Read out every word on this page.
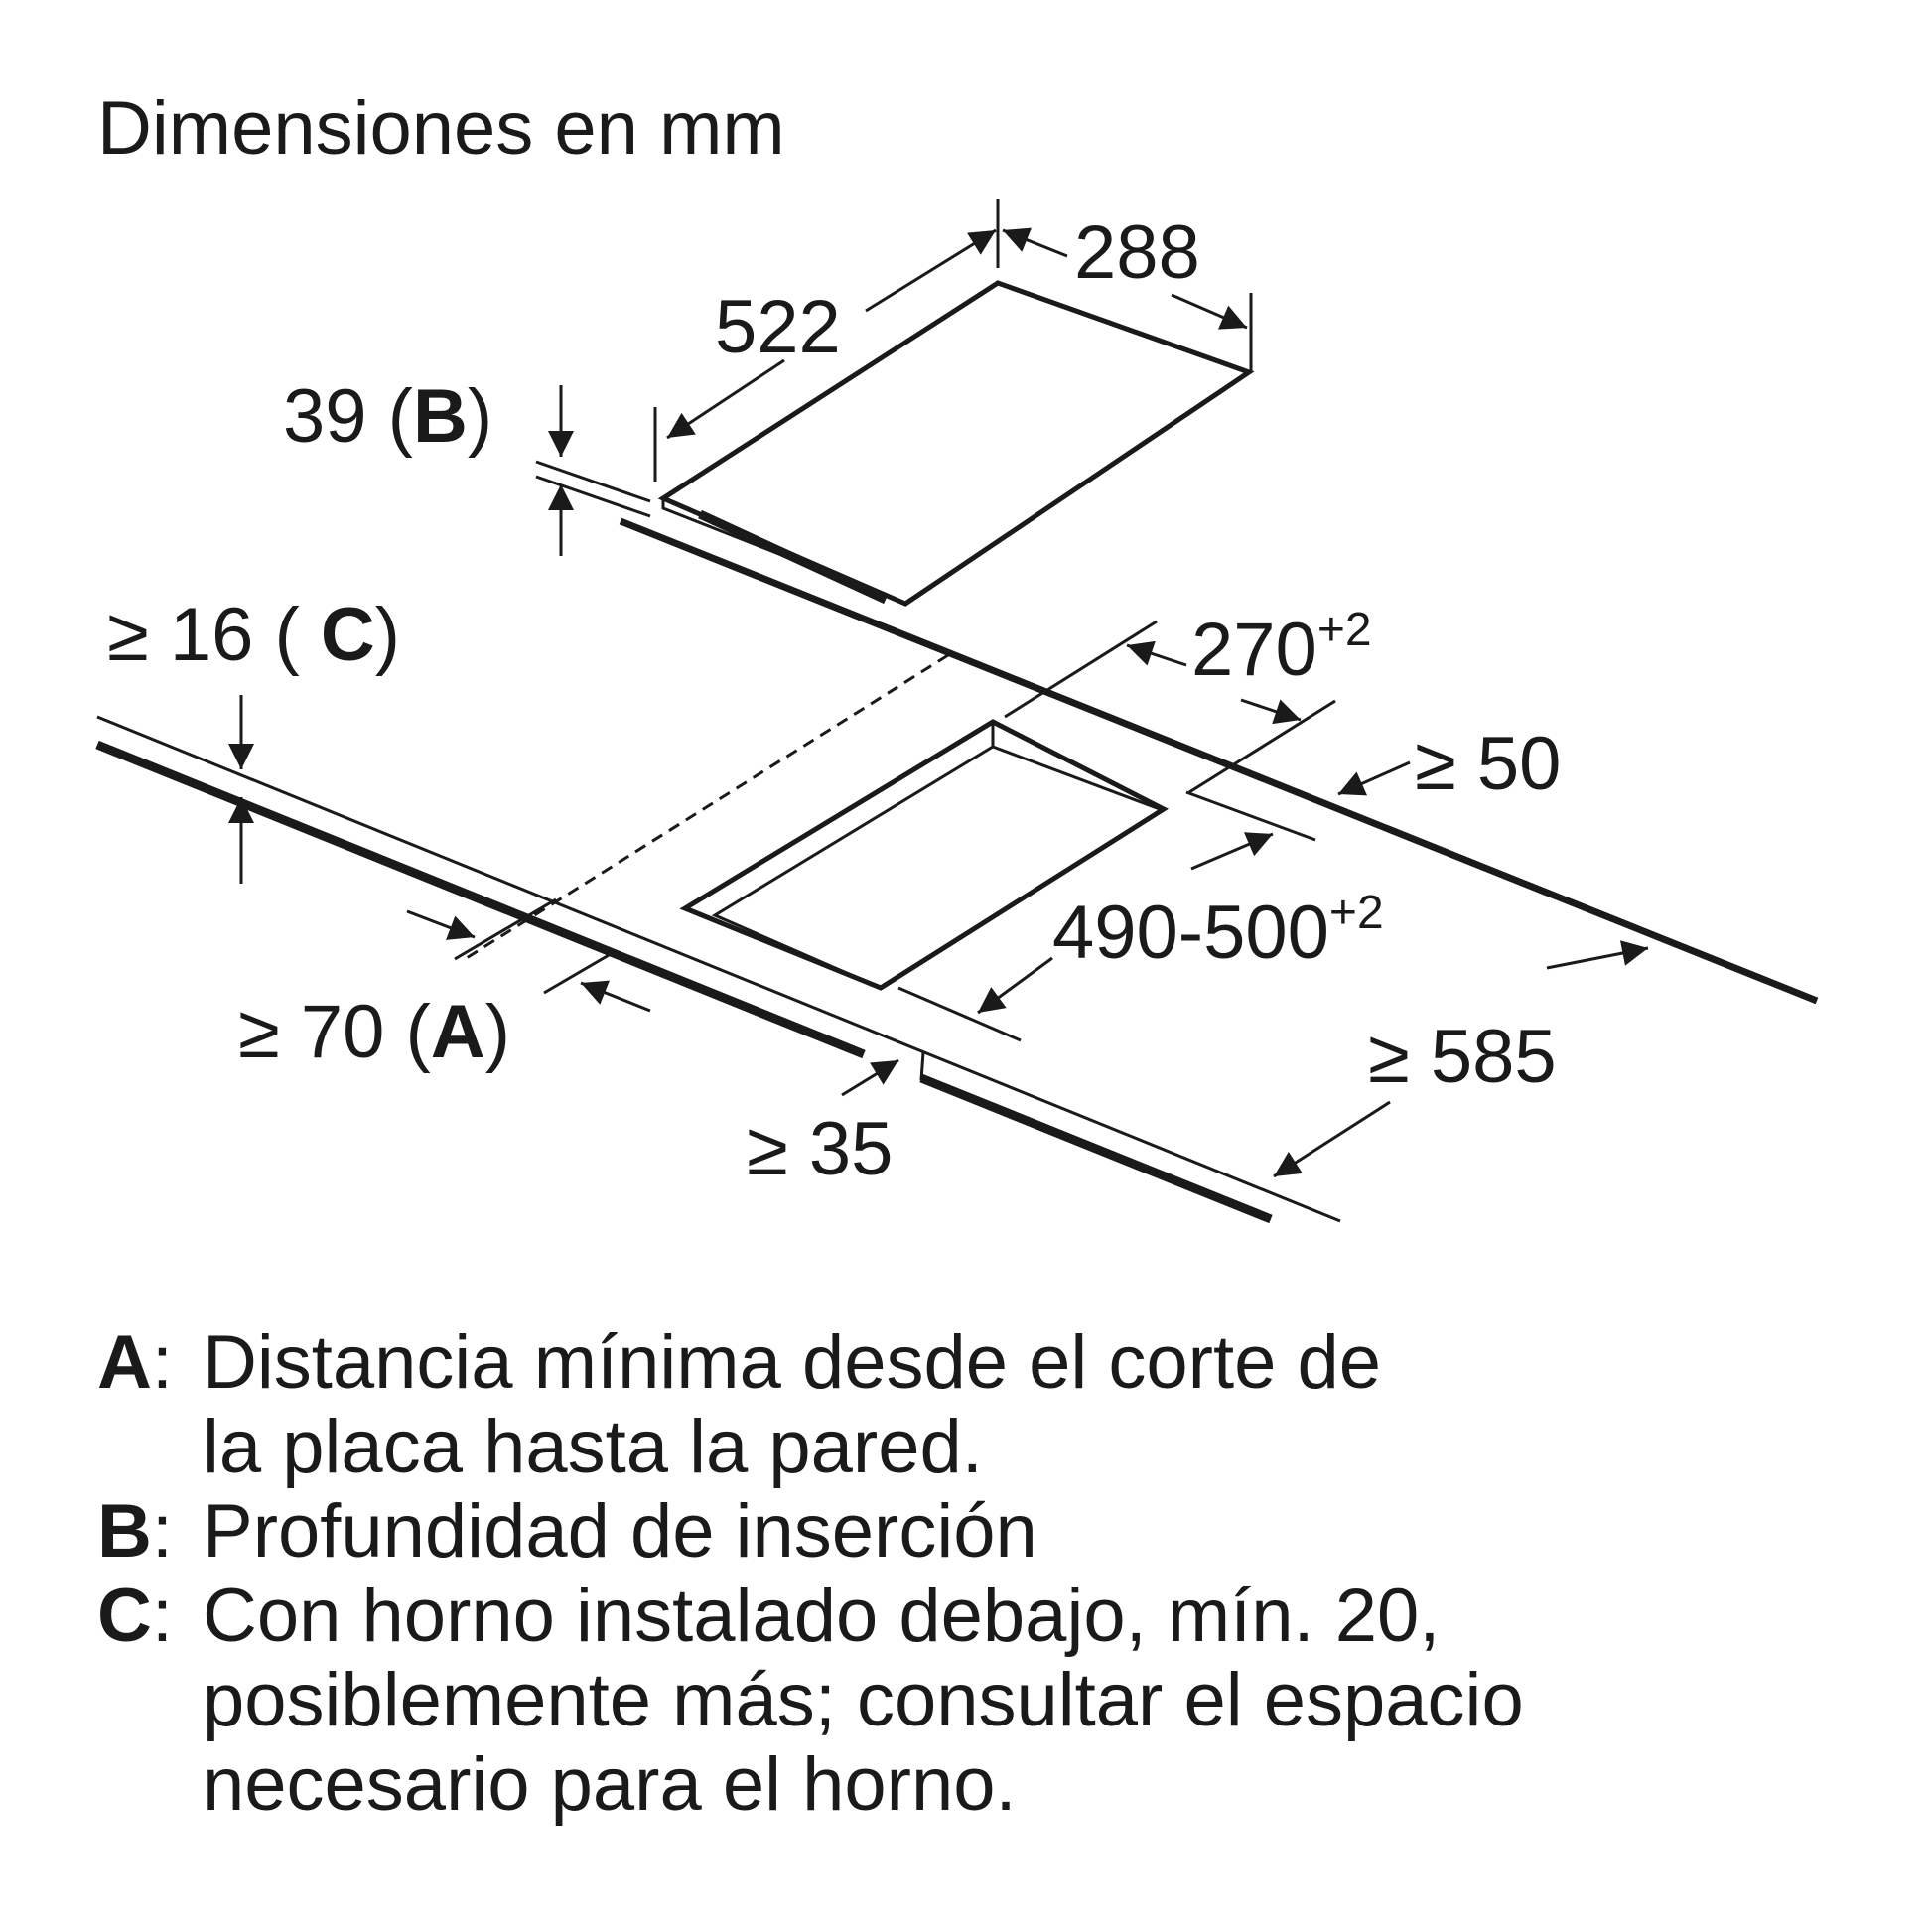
Dimensiones en mm
522
288
39 (B)
$270^{+2}$
≥ 50
$490-500^{+2}$
≥ 16 ( C)
≥ 70 (A)
≥ 35
≥ 585
A: Distancia mínima desde el corte de
la placa hasta la pared.
B: Profundidad de inserción
C: Con horno instalado debajo, mín. 20,
posiblemente más; consultar el espacio
necesario para el horno.
